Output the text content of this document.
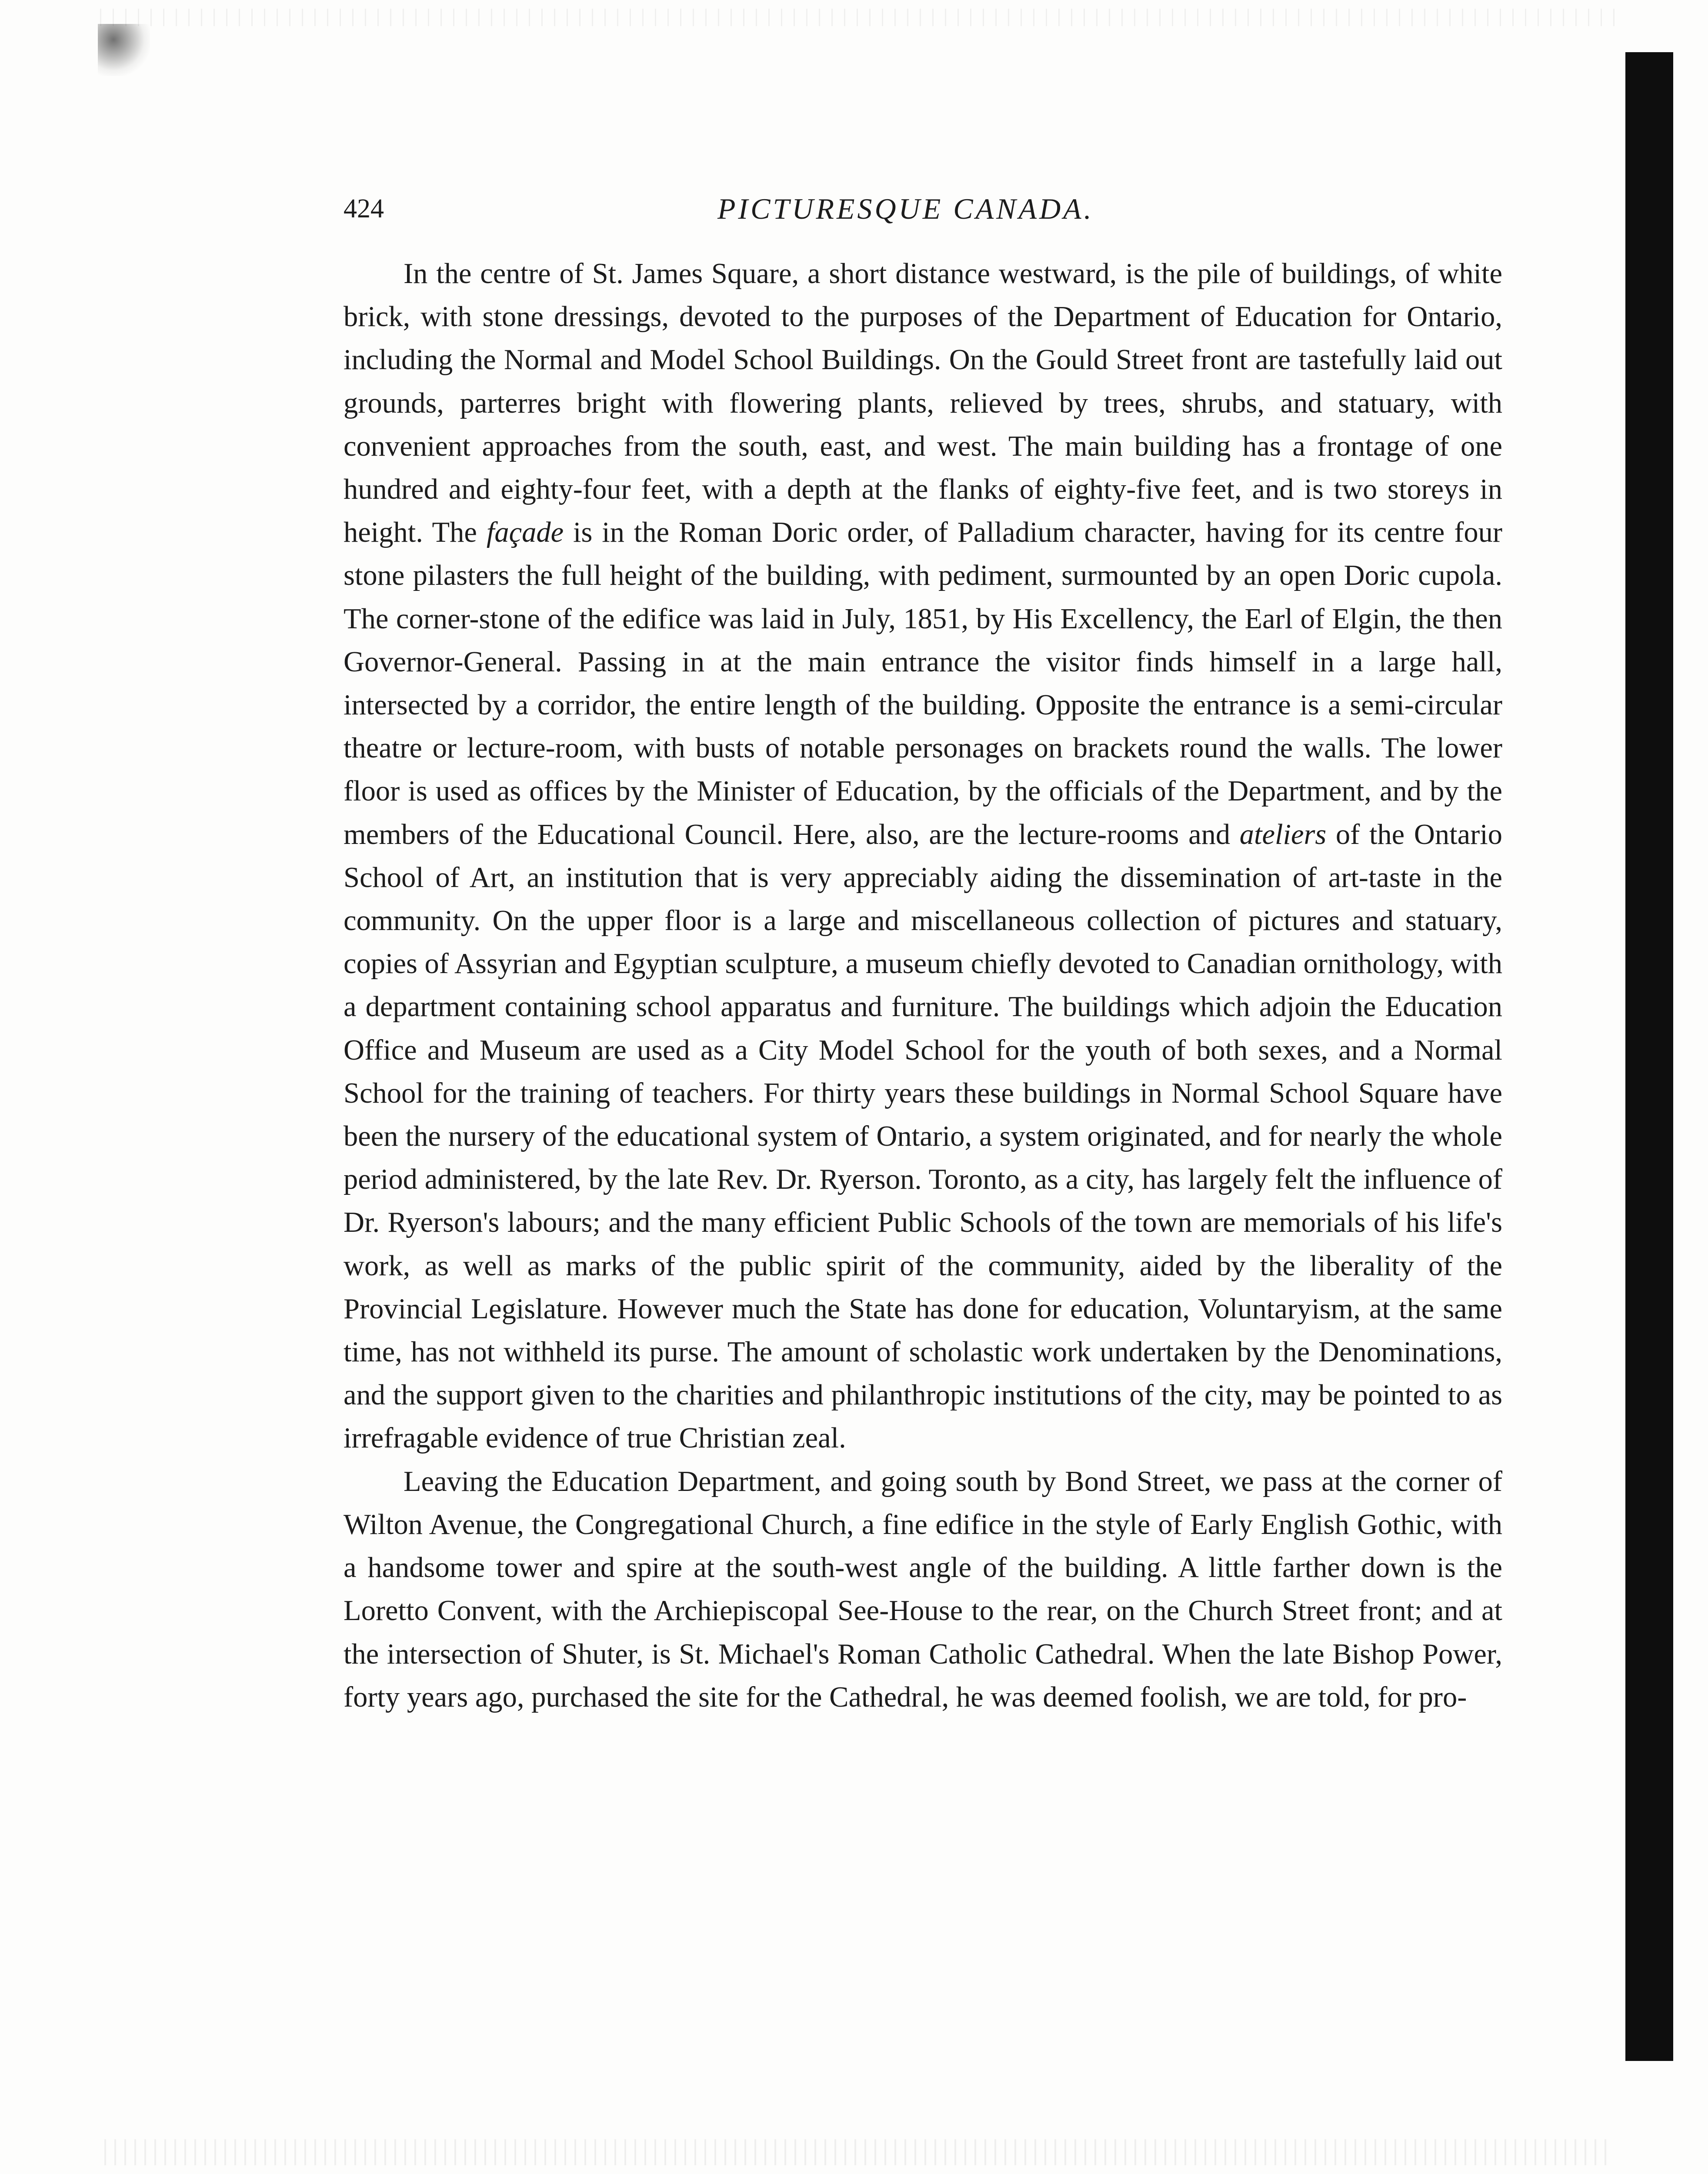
424	PICTURESQUE CANADA.

In the centre of St. James Square, a short distance westward, is the pile of buildings, of white brick, with stone dressings, devoted to the purposes of the Department of Education for Ontario, including the Normal and Model School Buildings. On the Gould Street front are tastefully laid out grounds, parterres bright with flowering plants, relieved by trees, shrubs, and statuary, with convenient approaches from the south, east, and west. The main building has a frontage of one hundred and eighty-four feet, with a depth at the flanks of eighty-five feet, and is two storeys in height. The façade is in the Roman Doric order, of Palladium character, having for its centre four stone pilasters the full height of the building, with pediment, surmounted by an open Doric cupola. The corner-stone of the edifice was laid in July, 1851, by His Excellency, the Earl of Elgin, the then Governor-General. Passing in at the main entrance the visitor finds himself in a large hall, intersected by a corridor, the entire length of the building. Opposite the entrance is a semi-circular theatre or lecture-room, with busts of notable personages on brackets round the walls. The lower floor is used as offices by the Minister of Education, by the officials of the Department, and by the members of the Educational Council. Here, also, are the lecture-rooms and ateliers of the Ontario School of Art, an institution that is very appreciably aiding the dissemination of art-taste in the community. On the upper floor is a large and miscellaneous collection of pictures and statuary, copies of Assyrian and Egyptian sculpture, a museum chiefly devoted to Canadian ornithology, with a department containing school apparatus and furniture. The buildings which adjoin the Education Office and Museum are used as a City Model School for the youth of both sexes, and a Normal School for the training of teachers. For thirty years these buildings in Normal School Square have been the nursery of the educational system of Ontario, a system originated, and for nearly the whole period administered, by the late Rev. Dr. Ryerson. Toronto, as a city, has largely felt the influence of Dr. Ryerson's labours; and the many efficient Public Schools of the town are memorials of his life's work, as well as marks of the public spirit of the community, aided by the liberality of the Provincial Legislature. However much the State has done for education, Voluntaryism, at the same time, has not withheld its purse. The amount of scholastic work undertaken by the Denominations, and the support given to the charities and philanthropic institutions of the city, may be pointed to as irrefragable evidence of true Christian zeal.

Leaving the Education Department, and going south by Bond Street, we pass at the corner of Wilton Avenue, the Congregational Church, a fine edifice in the style of Early English Gothic, with a handsome tower and spire at the south-west angle of the building. A little farther down is the Loretto Convent, with the Archiepiscopal See-House to the rear, on the Church Street front; and at the intersection of Shuter, is St. Michael's Roman Catholic Cathedral. When the late Bishop Power, forty years ago, purchased the site for the Cathedral, he was deemed foolish, we are told, for pro-
